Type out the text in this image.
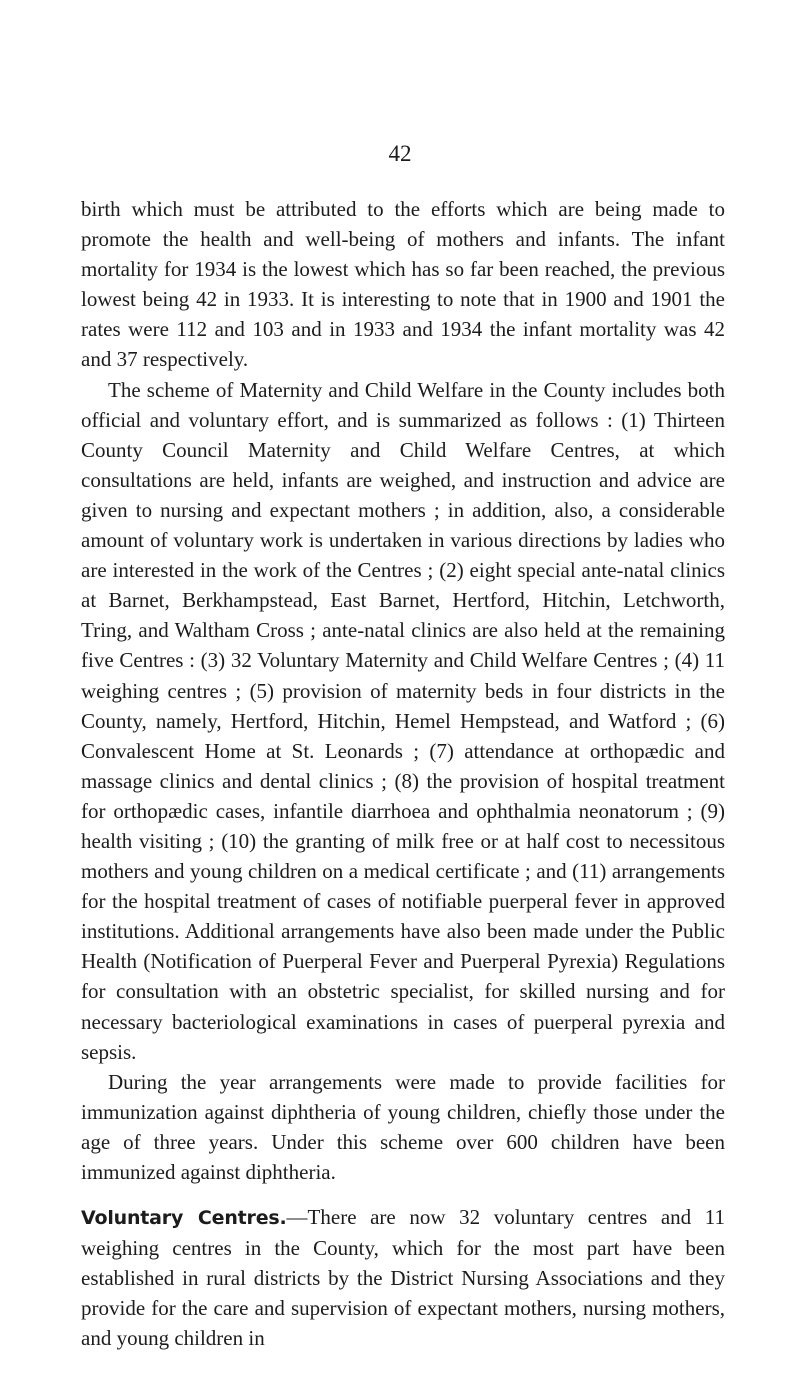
42

birth which must be attributed to the efforts which are being made to promote the health and well-being of mothers and infants. The infant mortality for 1934 is the lowest which has so far been reached, the previous lowest being 42 in 1933. It is interesting to note that in 1900 and 1901 the rates were 112 and 103 and in 1933 and 1934 the infant mortality was 42 and 37 respectively.

The scheme of Maternity and Child Welfare in the County includes both official and voluntary effort, and is summarized as follows : (1) Thirteen County Council Maternity and Child Welfare Centres, at which consultations are held, infants are weighed, and instruction and advice are given to nursing and expectant mothers ; in addition, also, a considerable amount of voluntary work is undertaken in various directions by ladies who are interested in the work of the Centres ; (2) eight special ante-natal clinics at Barnet, Berkhampstead, East Barnet, Hertford, Hitchin, Letchworth, Tring, and Waltham Cross ; ante-natal clinics are also held at the remaining five Centres : (3) 32 Voluntary Maternity and Child Welfare Centres ; (4) 11 weighing centres ; (5) provision of maternity beds in four districts in the County, namely, Hertford, Hitchin, Hemel Hempstead, and Watford ; (6) Convalescent Home at St. Leonards ; (7) attendance at orthopædic and massage clinics and dental clinics ; (8) the provision of hospital treatment for orthopædic cases, infantile diarrhoea and ophthalmia neonatorum ; (9) health visiting ; (10) the granting of milk free or at half cost to necessitous mothers and young children on a medical certificate ; and (11) arrangements for the hospital treatment of cases of notifiable puerperal fever in approved institutions. Additional arrangements have also been made under the Public Health (Notification of Puerperal Fever and Puerperal Pyrexia) Regulations for consultation with an obstetric specialist, for skilled nursing and for necessary bacteriological examinations in cases of puerperal pyrexia and sepsis.

During the year arrangements were made to provide facilities for immunization against diphtheria of young children, chiefly those under the age of three years. Under this scheme over 600 children have been immunized against diphtheria.

Voluntary Centres.—There are now 32 voluntary centres and 11 weighing centres in the County, which for the most part have been established in rural districts by the District Nursing Associations and they provide for the care and supervision of expectant mothers, nursing mothers, and young children in
